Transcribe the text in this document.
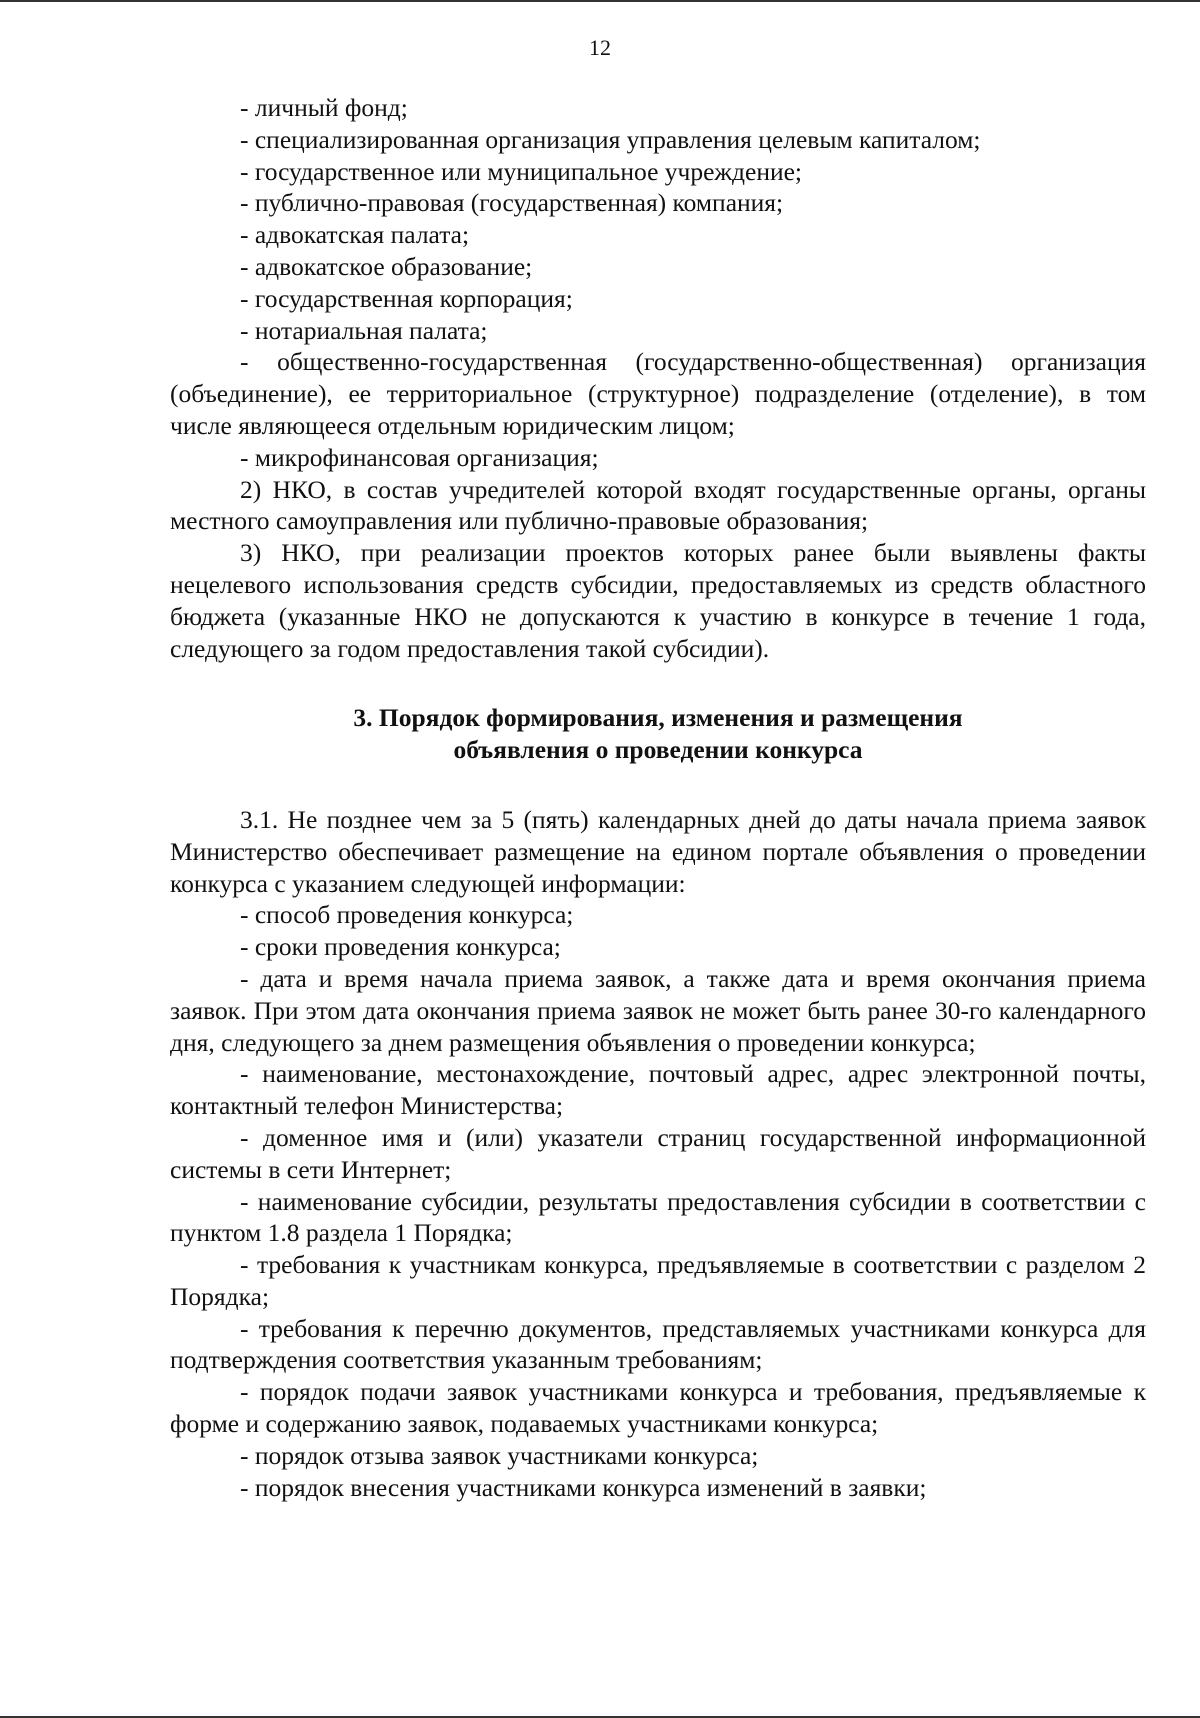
12

- личный фонд;

- специализированная организация управления целевым капиталом;

- государственное или муниципальное учреждение;

- публично-правовая (государственная) компания;

- адвокатская палата;

- адвокатское образование;

- государственная корпорация;

- нотариальная палата;

- общественно-государственная (государственно-общественная) организация (объединение), ее территориальное (структурное) подразделение (отделение), в том числе являющееся отдельным юридическим лицом;

- микрофинансовая организация;

2) НКО, в состав учредителей которой входят государственные органы, органы местного самоуправления или публично-правовые образования;

3) НКО, при реализации проектов которых ранее были выявлены факты нецелевого использования средств субсидии, предоставляемых из средств областного бюджета (указанные НКО не допускаются к участию в конкурсе в течение 1 года, следующего за годом предоставления такой субсидии).

3. Порядок формирования, изменения и размещения
объявления о проведении конкурса

3.1. Не позднее чем за 5 (пять) календарных дней до даты начала приема заявок Министерство обеспечивает размещение на едином портале объявления о проведении конкурса с указанием следующей информации:

- способ проведения конкурса;

- сроки проведения конкурса;

- дата и время начала приема заявок, а также дата и время окончания приема заявок. При этом дата окончания приема заявок не может быть ранее 30-го календарного дня, следующего за днем размещения объявления о проведении конкурса;

- наименование, местонахождение, почтовый адрес, адрес электронной почты, контактный телефон Министерства;

- доменное имя и (или) указатели страниц государственной информационной системы в сети Интернет;

- наименование субсидии, результаты предоставления субсидии в соответствии с пунктом 1.8 раздела 1 Порядка;

- требования к участникам конкурса, предъявляемые в соответствии с разделом 2 Порядка;

- требования к перечню документов, представляемых участниками конкурса для подтверждения соответствия указанным требованиям;

- порядок подачи заявок участниками конкурса и требования, предъявляемые к форме и содержанию заявок, подаваемых участниками конкурса;

- порядок отзыва заявок участниками конкурса;

- порядок внесения участниками конкурса изменений в заявки;
